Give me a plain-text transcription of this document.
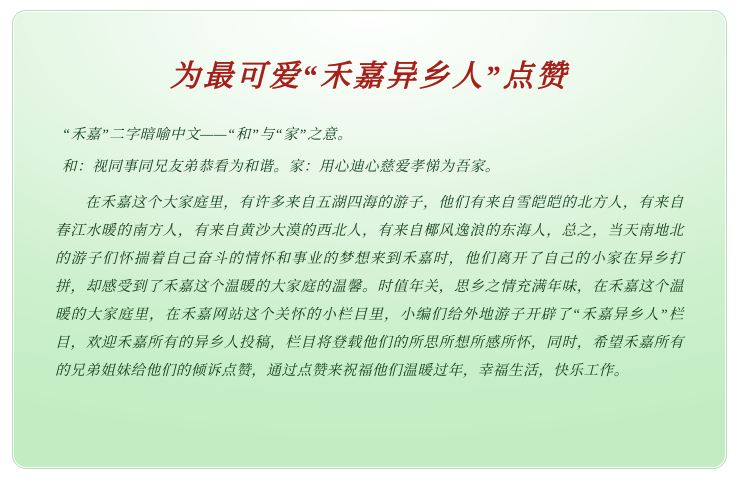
为最可爱“禾嘉异乡人”点赞

“禾嘉”二字暗喻中文——“和”与“家”之意。

和：视同事同兄友弟恭看为和谐。家：用心迪心慈爱孝悌为吾家。

在禾嘉这个大家庭里，有许多来自五湖四海的游子，他们有来自雪皑皑的北方人，有来自春江水暖的南方人，有来自黄沙大漠的西北人，有来自椰风逸浪的东海人，总之，当天南地北的游子们怀揣着自己奋斗的情怀和事业的梦想来到禾嘉时，他们离开了自己的小家在异乡打拼，却感受到了禾嘉这个温暖的大家庭的温馨。时值年关，思乡之情充满年味，在禾嘉这个温暖的大家庭里，在禾嘉网站这个关怀的小栏目里，小编们给外地游子开辟了“禾嘉异乡人”栏目，欢迎禾嘉所有的异乡人投稿，栏目将登载他们的所思所想所感所怀，同时，希望禾嘉所有的兄弟姐妹给他们的倾诉点赞，通过点赞来祝福他们温暖过年，幸福生活，快乐工作。
